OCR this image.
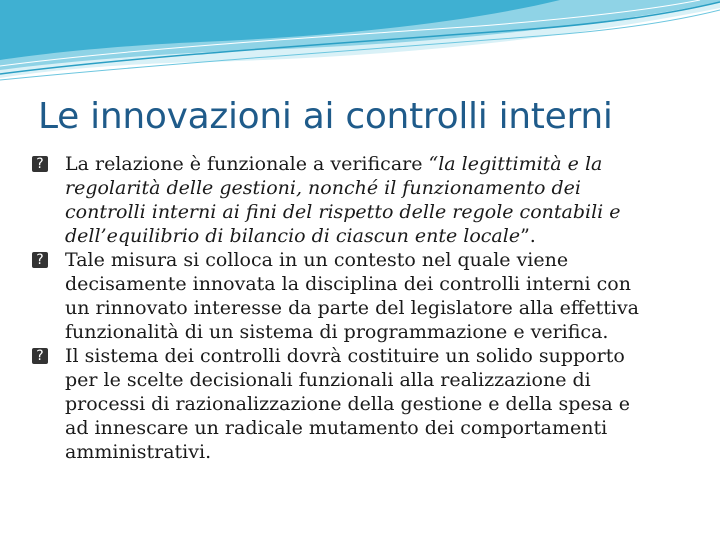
Le innovazioni ai controlli interni

? La relazione è funzionale a verificare “la legittimità e la
regolarità delle gestioni, nonché il funzionamento dei
controlli interni ai fini del rispetto delle regole contabili e
dell’equilibrio di bilancio di ciascun ente locale”.

? Tale misura si colloca in un contesto nel quale viene
decisamente innovata la disciplina dei controlli interni con
un rinnovato interesse da parte del legislatore alla effettiva
funzionalità di un sistema di programmazione e verifica.

? Il sistema dei controlli dovrà costituire un solido supporto
per le scelte decisionali funzionali alla realizzazione di
processi di razionalizzazione della gestione e della spesa e
ad innescare un radicale mutamento dei comportamenti
amministrativi.
